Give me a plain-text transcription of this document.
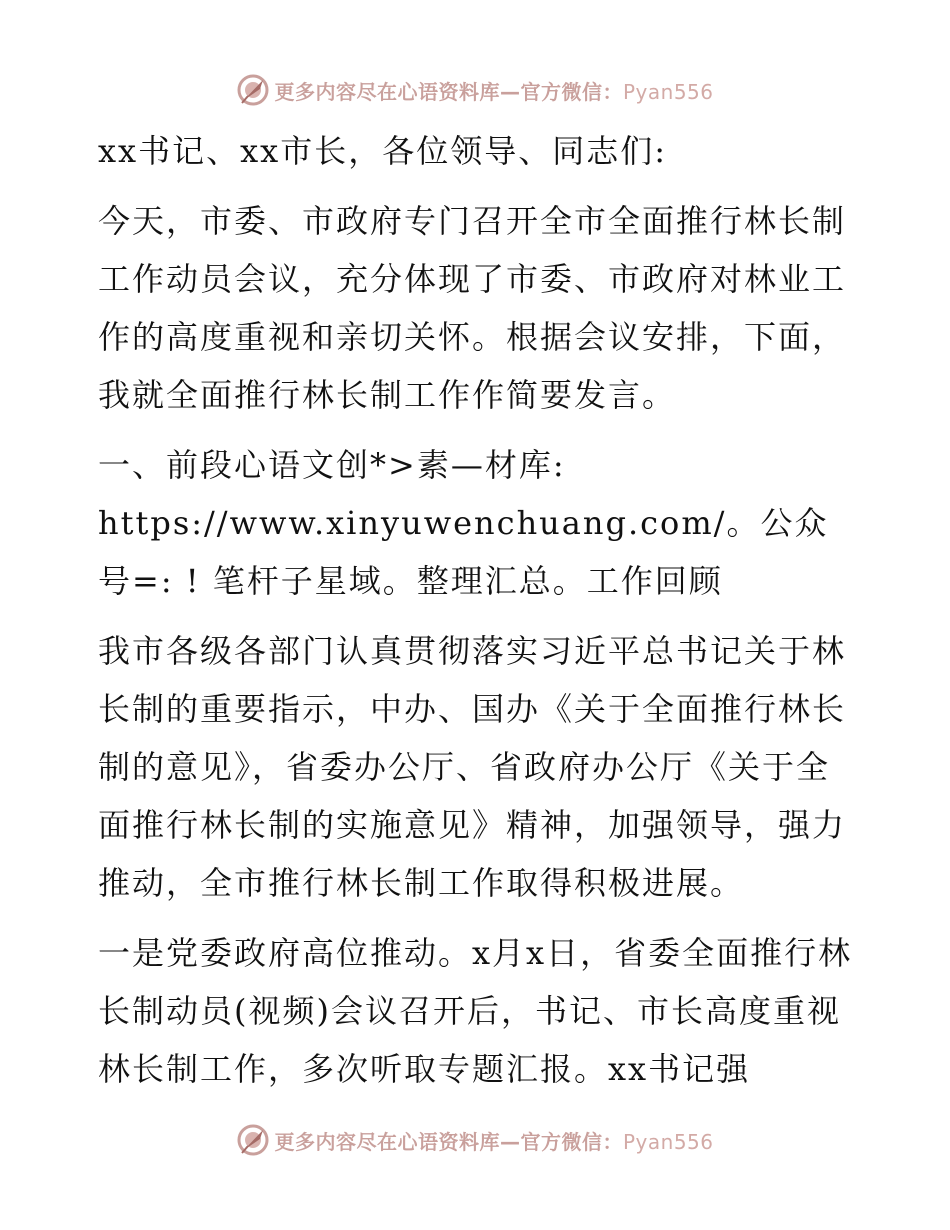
更多内容尽在心语资料库—官方微信：Pyan556

xx书记、xx市长，各位领导、同志们:

今天，市委、市政府专门召开全市全面推行林长制工作动员会议，充分体现了市委、市政府对林业工作的高度重视和亲切关怀。根据会议安排，下面，我就全面推行林长制工作作简要发言。

一、前段心语文创*>素—材库: https://www.xinyuwenchuang.com/。公众号=: ! 笔杆子星域。整理汇总。工作回顾

我市各级各部门认真贯彻落实习近平总书记关于林长制的重要指示，中办、国办《关于全面推行林长制的意见》，省委办公厅、省政府办公厅《关于全面推行林长制的实施意见》精神，加强领导，强力推动，全市推行林长制工作取得积极进展。

一是党委政府高位推动。x月x日，省委全面推行林长制动员(视频)会议召开后，书记、市长高度重视林长制工作，多次听取专题汇报。xx书记强

更多内容尽在心语资料库—官方微信：Pyan556
